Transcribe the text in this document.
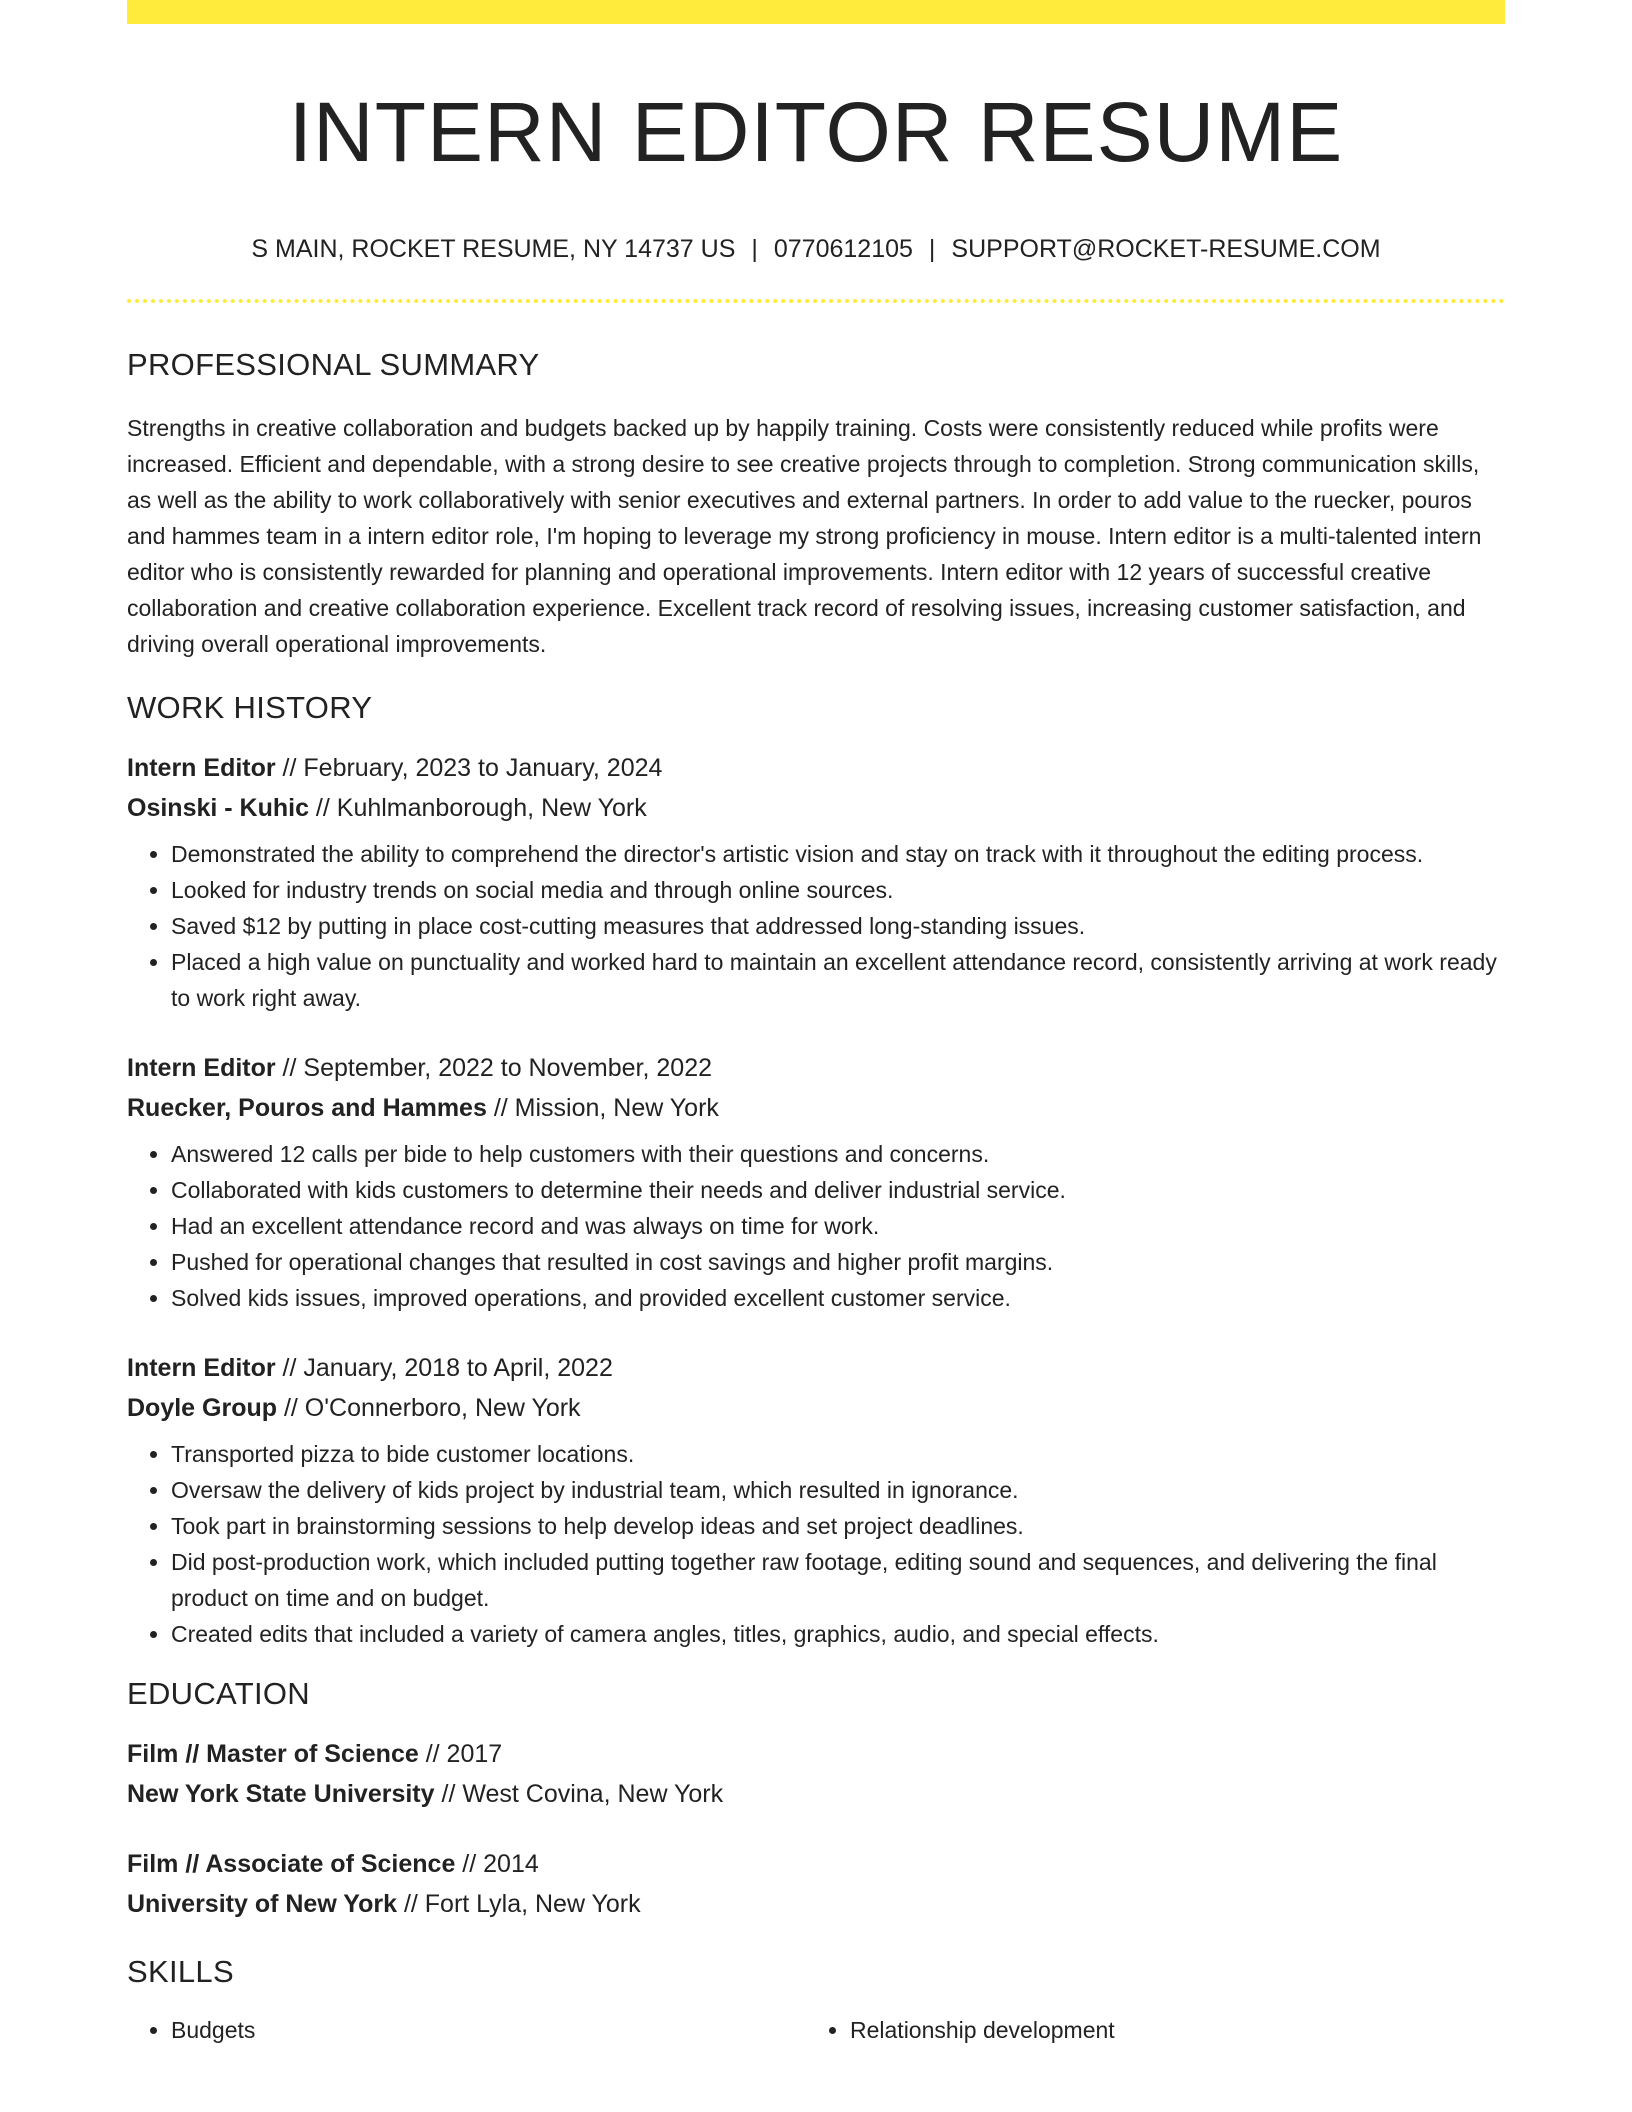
INTERN EDITOR RESUME
S MAIN, ROCKET RESUME, NY 14737 US | 0770612105 | SUPPORT@ROCKET-RESUME.COM
PROFESSIONAL SUMMARY
Strengths in creative collaboration and budgets backed up by happily training. Costs were consistently reduced while profits were increased. Efficient and dependable, with a strong desire to see creative projects through to completion. Strong communication skills, as well as the ability to work collaboratively with senior executives and external partners. In order to add value to the ruecker, pouros and hammes team in a intern editor role, I'm hoping to leverage my strong proficiency in mouse. Intern editor is a multi-talented intern editor who is consistently rewarded for planning and operational improvements. Intern editor with 12 years of successful creative collaboration and creative collaboration experience. Excellent track record of resolving issues, increasing customer satisfaction, and driving overall operational improvements.
WORK HISTORY
Intern Editor // February, 2023 to January, 2024
Osinski - Kuhic // Kuhlmanborough, New York
• Demonstrated the ability to comprehend the director's artistic vision and stay on track with it throughout the editing process.
• Looked for industry trends on social media and through online sources.
• Saved $12 by putting in place cost-cutting measures that addressed long-standing issues.
• Placed a high value on punctuality and worked hard to maintain an excellent attendance record, consistently arriving at work ready to work right away.
Intern Editor // September, 2022 to November, 2022
Ruecker, Pouros and Hammes // Mission, New York
• Answered 12 calls per bide to help customers with their questions and concerns.
• Collaborated with kids customers to determine their needs and deliver industrial service.
• Had an excellent attendance record and was always on time for work.
• Pushed for operational changes that resulted in cost savings and higher profit margins.
• Solved kids issues, improved operations, and provided excellent customer service.
Intern Editor // January, 2018 to April, 2022
Doyle Group // O'Connerboro, New York
• Transported pizza to bide customer locations.
• Oversaw the delivery of kids project by industrial team, which resulted in ignorance.
• Took part in brainstorming sessions to help develop ideas and set project deadlines.
• Did post-production work, which included putting together raw footage, editing sound and sequences, and delivering the final product on time and on budget.
• Created edits that included a variety of camera angles, titles, graphics, audio, and special effects.
EDUCATION
Film // Master of Science // 2017
New York State University // West Covina, New York
Film // Associate of Science // 2014
University of New York // Fort Lyla, New York
SKILLS
• Budgets
•	Relationship development
